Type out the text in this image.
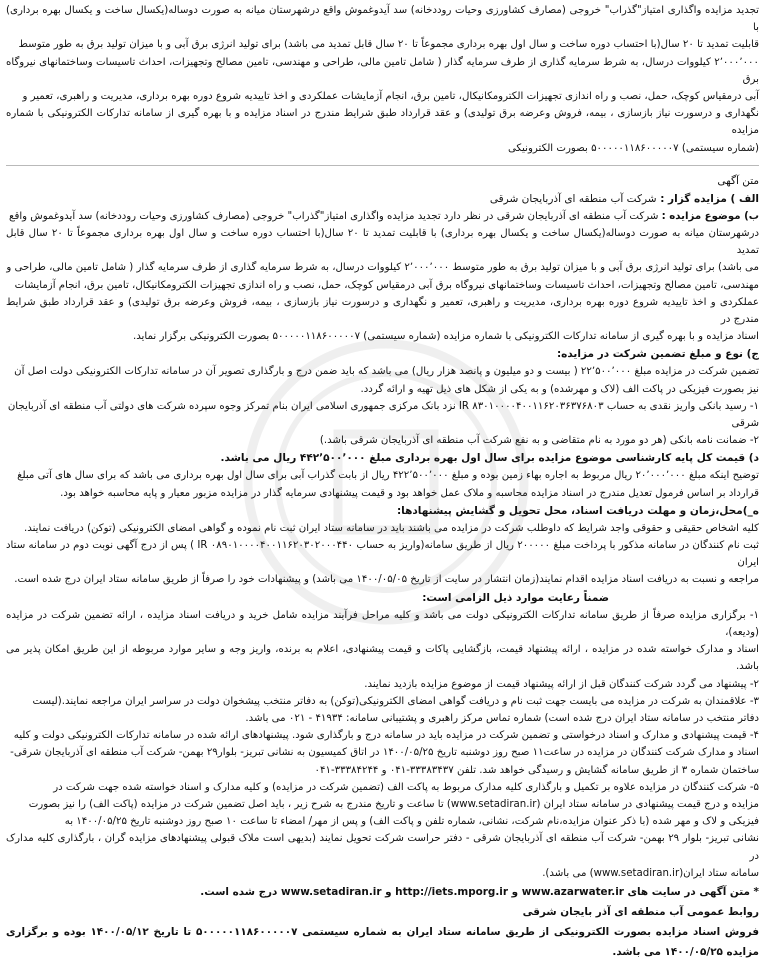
تجدید مزایده واگذاری امتیاز"گذراب" خروجی (مصارف کشاورزی وحیات روددخانه) سد آیدوغموش واقع درشهرستان میانه به صورت دوساله(یکسال ساخت و یکسال بهره برداری) با

قابلیت تمدید تا ۲۰ سال(با احتساب دوره ساخت و سال اول بهره برداری مجموعاً تا ۲۰ سال قابل تمدید می باشد) برای تولید انرژی برق آبی و با میزان تولید برق به طور متوسط

۲٬۰۰۰٬۰۰۰ کیلووات درسال، به شرط سرمایه گذاری از طرف سرمایه گذار ( شامل تامین مالی، طراحی و مهندسی، تامین مصالح وتجهیزات، احداث تاسیسات وساختمانهای نیروگاه برق

آبی درمقیاس کوچک، حمل، نصب و راه اندازی تجهیزات الکترومکانیکال، تامین برق، انجام آزمایشات عملکردی و اخذ تاییدیه شروع دوره بهره برداری، مدیریت و راهبری، تعمیر و

نگهداری و درسورت نیاز بازسازی ، بیمه، فروش وعرضه برق تولیدی) و عقد قرارداد طبق شرایط مندرج در اسناد مزایده و با بهره گیری از سامانه تدارکات الکترونیکی با شماره مزایده

(شماره سیستمی) ۵۰۰۰۰۰۱۱۸۶۰۰۰۰۰۷ بصورت الکترونیکی

متن آگهی

الف ) مزایده گزار : شرکت آب منطقه ای آذربایجان شرقی

ب) موضوع مزایده : شرکت آب منطقه ای آذربایجان شرقی در نظر دارد تجدید مزایده واگذاری امتیاز"گذراب" خروجی (مصارف کشاورزی وحیات روددخانه) سد آیدوغموش واقع

درشهرستان میانه به صورت دوساله(یکسال ساخت و یکسال بهره برداری) با قابلیت تمدید تا ۲۰ سال(با احتساب دوره ساخت و سال اول بهره برداری مجموعاً تا ۲۰ سال قابل تمدید

می باشد) برای تولید انرژی برق آبی و با میزان تولید برق به طور متوسط ۲٬۰۰۰٬۰۰۰ کیلووات درسال، به شرط سرمایه گذاری از طرف سرمایه گذار ( شامل تامین مالی، طراحی و

مهندسی، تامین مصالح وتجهیزات، احداث تاسیسات وساختمانهای نیروگاه برق آبی درمقیاس کوچک، حمل، نصب و راه اندازی تجهیزات الکترومکانیکال، تامین برق، انجام آزمایشات

عملکردی و اخذ تاییدیه شروع دوره بهره برداری، مدیریت و راهبری، تعمیر و نگهداری و درسورت نیاز بازسازی ، بیمه، فروش وعرضه برق تولیدی) و عقد قرارداد طبق شرایط مندرج در

اسناد مزایده و با بهره گیری از سامانه تدارکات الکترونیکی با شماره مزایده (شماره سیستمی) ۵۰۰۰۰۰۱۱۸۶۰۰۰۰۰۷ بصورت الکترونیکی برگزار نماید.

ج) نوع و مبلغ تضمین شرکت در مزایده:

تضمین شرکت در مزایده مبلغ ۲۲٬۵۰۰٬۰۰۰ ( بیست و دو میلیون و پانصد هزار ریال) می باشد که باید ضمن درج و بارگذاری تصویر آن در سامانه تدارکات الکترونیکی دولت اصل آن

نیز بصورت فیزیکی در پاکت الف (لاک و مهرشده) و به یکی از شکل های ذیل تهیه و ارائه گردد.

۱- رسید بانکی واریز نقدی به حساب IR ۸۳۰۱۰۰۰۰۴۰۰۱۱۶۲۰۳۶۳۷۶۸۰۳ نزد بانک مرکزی جمهوری اسلامی ایران بنام تمرکز وجوه سپرده شرکت های دولتی آب منطقه ای آذربایجان

شرقی

۲- ضمانت نامه بانکی (هر دو مورد به نام متقاضی و به نفع شرکت آب منطقه ای آذربایجان شرقی باشد.)

د) قیمت کل پایه کارشناسی موضوع مزایده برای سال اول بهره برداری مبلغ ۴۴۲٬۵۰۰٬۰۰۰ ریال می باشد.

توضیح اینکه مبلغ ۲۰٬۰۰۰٬۰۰۰ ریال مربوط به اجاره بهاء زمین بوده و مبلغ ۴۲۲٬۵۰۰٬۰۰۰ ریال از بابت گذراب آبی برای سال اول بهره برداری می باشد که برای سال های آتی مبلغ

قرارداد بر اساس فرمول تعدیل مندرج در اسناد مزایده محاسبه و ملاک عمل خواهد بود و قیمت پیشنهادی سرمایه گذار در مزایده مزبور معیار و پایه محاسبه خواهد بود.

ه_)محل،زمان و مهلت دریافت اسناد، محل تحویل و گشایش پیشنهادها:

کلیه اشخاص حقیقی و حقوقی واجد شرایط که داوطلب شرکت در مزایده می باشند باید در سامانه ستاد ایران ثبت نام نموده و گواهی امضای الکترونیکی (توکن) دریافت نمایند.

ثبت نام کنندگان در سامانه مذکور با پرداخت مبلغ ۲۰۰۰۰۰ ریال از طریق سامانه(واریز به حساب IR ۰۸۹۰۱۰۰۰۰۴۰۰۱۱۶۲۰۳۰۲۰۰۰۴۴۰ ) پس از درج آگهی نوبت دوم در سامانه ستاد ایران

مراجعه و نسبت به دریافت اسناد مزایده اقدام نمایند(زمان انتشار در سایت از تاریخ ۱۴۰۰/۰۵/۰۵ می باشد) و پیشنهادات خود را صرفاً از طریق سامانه ستاد ایران درج شده است.

ضمناً رعایت موارد ذیل الزامی است:

۱- برگزاری مزایده صرفاً از طریق سامانه تدارکات الکترونیکی دولت می باشد و کلیه مراحل فرآیند مزایده شامل خرید و دریافت اسناد مزایده ، ارائه تضمین شرکت در مزایده (ودیعه)،

اسناد و مدارک خواسته شده در مزایده ، ارائه پیشنهاد قیمت، بازگشایی پاکات و قیمت پیشنهادی، اعلام به برنده، واریز وجه و سایر موارد مربوطه از این طریق امکان پذیر می باشد.

۲- پیشنهاد می گردد شرکت کنندگان قبل از ارائه پیشنهاد قیمت از موضوع مزایده بازدید نمایند.

۳- علاقمندان به شرکت در مزایده می بایست جهت ثبت نام و دریافت گواهی امضای الکترونیکی(توکن) به دفاتر منتخب پیشخوان دولت در سراسر ایران مراجعه نمایند.(لیست

دفاتر منتخب در سامانه ستاد ایران درج شده است) شماره تماس مرکز راهبری و پشتیبانی سامانه: ۴۱۹۳۴ - ۰۲۱ می باشد.

۴- قیمت پیشنهادی و مدارک و اسناد درخواستی و تضمین شرکت در مزایده باید در سامانه درج و بارگذاری شود. پیشنهادهای ارائه شده در سامانه تدارکات الکترونیکی دولت و کلیه

اسناد و مدارک شرکت کنندگان در مزایده در ساعت۱۱ صبح روز دوشنبه تاریخ ۱۴۰۰/۰۵/۲۵ در اتاق کمیسیون به نشانی تبریز- بلوار۲۹ بهمن- شرکت آب منطقه ای آذربایجان شرقی-

ساختمان شماره ۳ از طریق سامانه گشایش و رسیدگی خواهد شد. تلفن ۳۳۳۸۳۴۳۷-۰۴۱ و ۳۳۳۸۴۲۴۴-۰۴۱

۵- شرکت کنندگان در مزایده علاوه بر تکمیل و بارگذاری کلیه مدارک مربوط به پاکت الف (تضمین شرکت در مزایده) و کلیه مدارک و اسناد خواسته شده جهت شرکت در

مزایده و درج قیمت پیشنهادی در سامانه ستاد ایران (www.setadiran.ir) تا ساعت و تاریخ مندرج به شرح زیر ، باید اصل تضمین شرکت در مزایده (پاکت الف) را نیز بصورت

فیزیکی و لاک و مهر شده (با ذکر عنوان مزایده،نام شرکت، نشانی، شماره تلفن و پاکت الف) و پس از مهر/ امضاء تا ساعت ۱۰ صبح روز دوشنبه تاریخ ۱۴۰۰/۰۵/۲۵ به

نشانی تبریز- بلوار ۲۹ بهمن- شرکت آب منطقه ای آذربایجان شرقی - دفتر حراست شرکت تحویل نمایند (بدیهی است ملاک قبولی پیشنهادهای مزایده گران ، بارگذاری کلیه مدارک در

سامانه ستاد ایران(www.setadiran.ir) می باشد).

* متن آگهی در سایت های www.azarwater.ir و http://iets.mporg.ir و www.setadiran.ir درج شده است.

روابط عمومی آب منطقه ای آذر بایجان شرقی

فروش اسناد مزایده بصورت الکترونیکی از طریق سامانه ستاد ایران به شماره سیستمی ۵۰۰۰۰۰۱۱۸۶۰۰۰۰۰۷ تا تاریخ ۱۴۰۰/۰۵/۱۲ بوده و برگزاری مزایده ۱۴۰۰/۰۵/۲۵ می باشد.
